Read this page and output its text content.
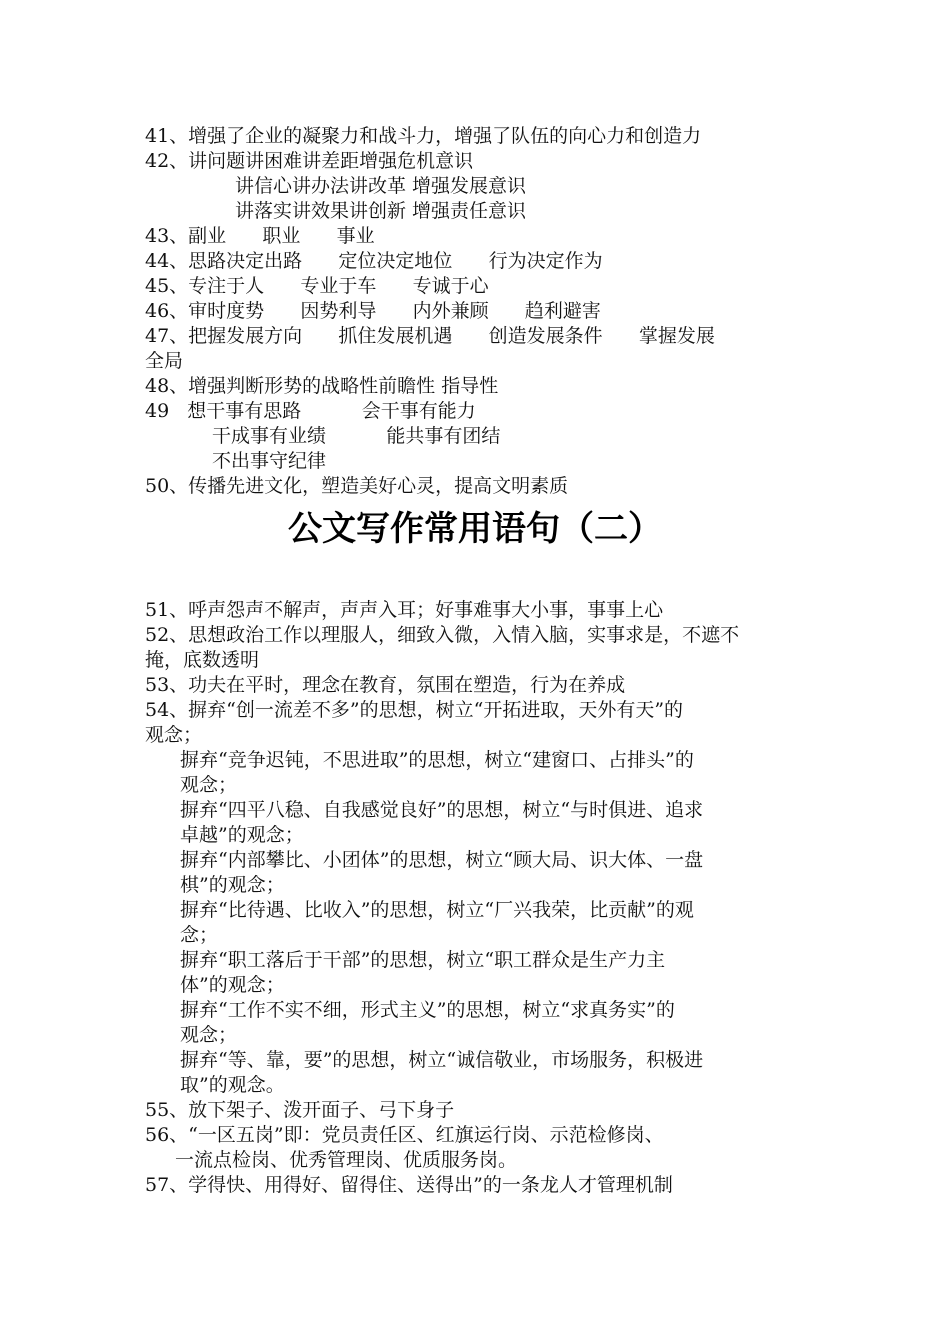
41、增强了企业的凝聚力和战斗力，增强了队伍的向心力和创造力
42、讲问题讲困难讲差距增强危机意识
讲信心讲办法讲改革 增强发展意识
讲落实讲效果讲创新 增强责任意识
43、副业      职业      事业
44、思路决定出路      定位决定地位      行为决定作为
45、专注于人      专业于车      专诚于心
46、审时度势      因势利导      内外兼顾      趋利避害
47、把握发展方向      抓住发展机遇      创造发展条件      掌握发展
全局
48、增强判断形势的战略性前瞻性 指导性
49   想干事有思路          会干事有能力
干成事有业绩          能共事有团结
不出事守纪律
50、传播先进文化，塑造美好心灵，提高文明素质
公文写作常用语句（二）
51、呼声怨声不解声，声声入耳；好事难事大小事，事事上心
52、思想政治工作以理服人，细致入微，入情入脑，实事求是，不遮不
掩，底数透明
53、功夫在平时，理念在教育，氛围在塑造，行为在养成
54、摒弃“创一流差不多”的思想，树立“开拓进取，天外有天”的
观念；
摒弃“竞争迟钝，不思进取”的思想，树立“建窗口、占排头”的
观念；
摒弃“四平八稳、自我感觉良好”的思想，树立“与时俱进、追求
卓越”的观念；
摒弃“内部攀比、小团体”的思想，树立“顾大局、识大体、一盘
棋”的观念；
摒弃“比待遇、比收入”的思想，树立“厂兴我荣，比贡献”的观
念；
摒弃“职工落后于干部”的思想，树立“职工群众是生产力主
体”的观念；
摒弃“工作不实不细，形式主义”的思想，树立“求真务实”的
观念；
摒弃“等、靠，要”的思想，树立“诚信敬业，市场服务，积极进
取”的观念。
55、放下架子、泼开面子、弓下身子
56、“一区五岗”即：党员责任区、红旗运行岗、示范检修岗、
一流点检岗、优秀管理岗、优质服务岗。
57、学得快、用得好、留得住、送得出”的一条龙人才管理机制
